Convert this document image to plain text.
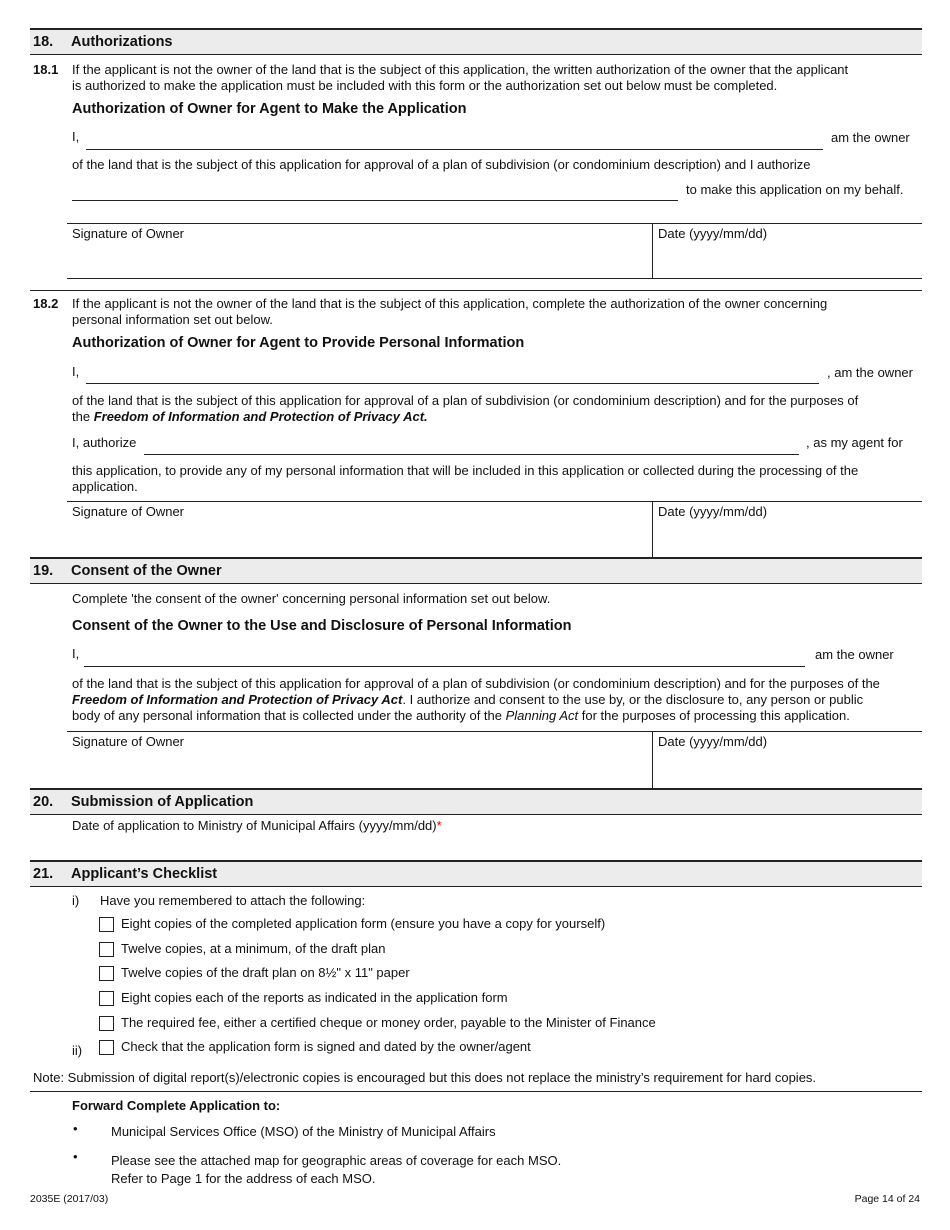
18. Authorizations
18.1 If the applicant is not the owner of the land that is the subject of this application, the written authorization of the owner that the applicant
is authorized to make the application must be included with this form or the authorization set out below must be completed.
Authorization of Owner for Agent to Make the Application
I,	am the owner
of the land that is the subject of this application for approval of a plan of subdivision (or condominium description) and I authorize
to make this application on my behalf.
Signature of Owner	Date (yyyy/mm/dd)
18.2 If the applicant is not the owner of the land that is the subject of this application, complete the authorization of the owner concerning
personal information set out below.
Authorization of Owner for Agent to Provide Personal Information
I,	, am the owner
of the land that is the subject of this application for approval of a plan of subdivision (or condominium description) and for the purposes of
the Freedom of Information and Protection of Privacy Act.
I, authorize	, as my agent for
this application, to provide any of my personal information that will be included in this application or collected during the processing of the
application.
Signature of Owner	Date (yyyy/mm/dd)
19. Consent of the Owner
Complete 'the consent of the owner' concerning personal information set out below.
Consent of the Owner to the Use and Disclosure of Personal Information
I,	am the owner
of the land that is the subject of this application for approval of a plan of subdivision (or condominium description) and for the purposes of the
Freedom of Information and Protection of Privacy Act. I authorize and consent to the use by, or the disclosure to, any person or public
body of any personal information that is collected under the authority of the Planning Act for the purposes of processing this application.
Signature of Owner	Date (yyyy/mm/dd)
20. Submission of Application
Date of application to Ministry of Municipal Affairs (yyyy/mm/dd)*
21. Applicant’s Checklist
i) Have you remembered to attach the following:
Eight copies of the completed application form (ensure you have a copy for yourself)
Twelve copies, at a minimum, of the draft plan
Twelve copies of the draft plan on 8½" x 11" paper
Eight copies each of the reports as indicated in the application form
The required fee, either a certified cheque or money order, payable to the Minister of Finance
ii)	Check that the application form is signed and dated by the owner/agent
Note: Submission of digital report(s)/electronic copies is encouraged but this does not replace the ministry’s requirement for hard copies.
Forward Complete Application to:
•	Municipal Services Office (MSO) of the Ministry of Municipal Affairs
•	Please see the attached map for geographic areas of coverage for each MSO.
Refer to Page 1 for the address of each MSO.
2035E (2017/03)	Page 14 of 24
